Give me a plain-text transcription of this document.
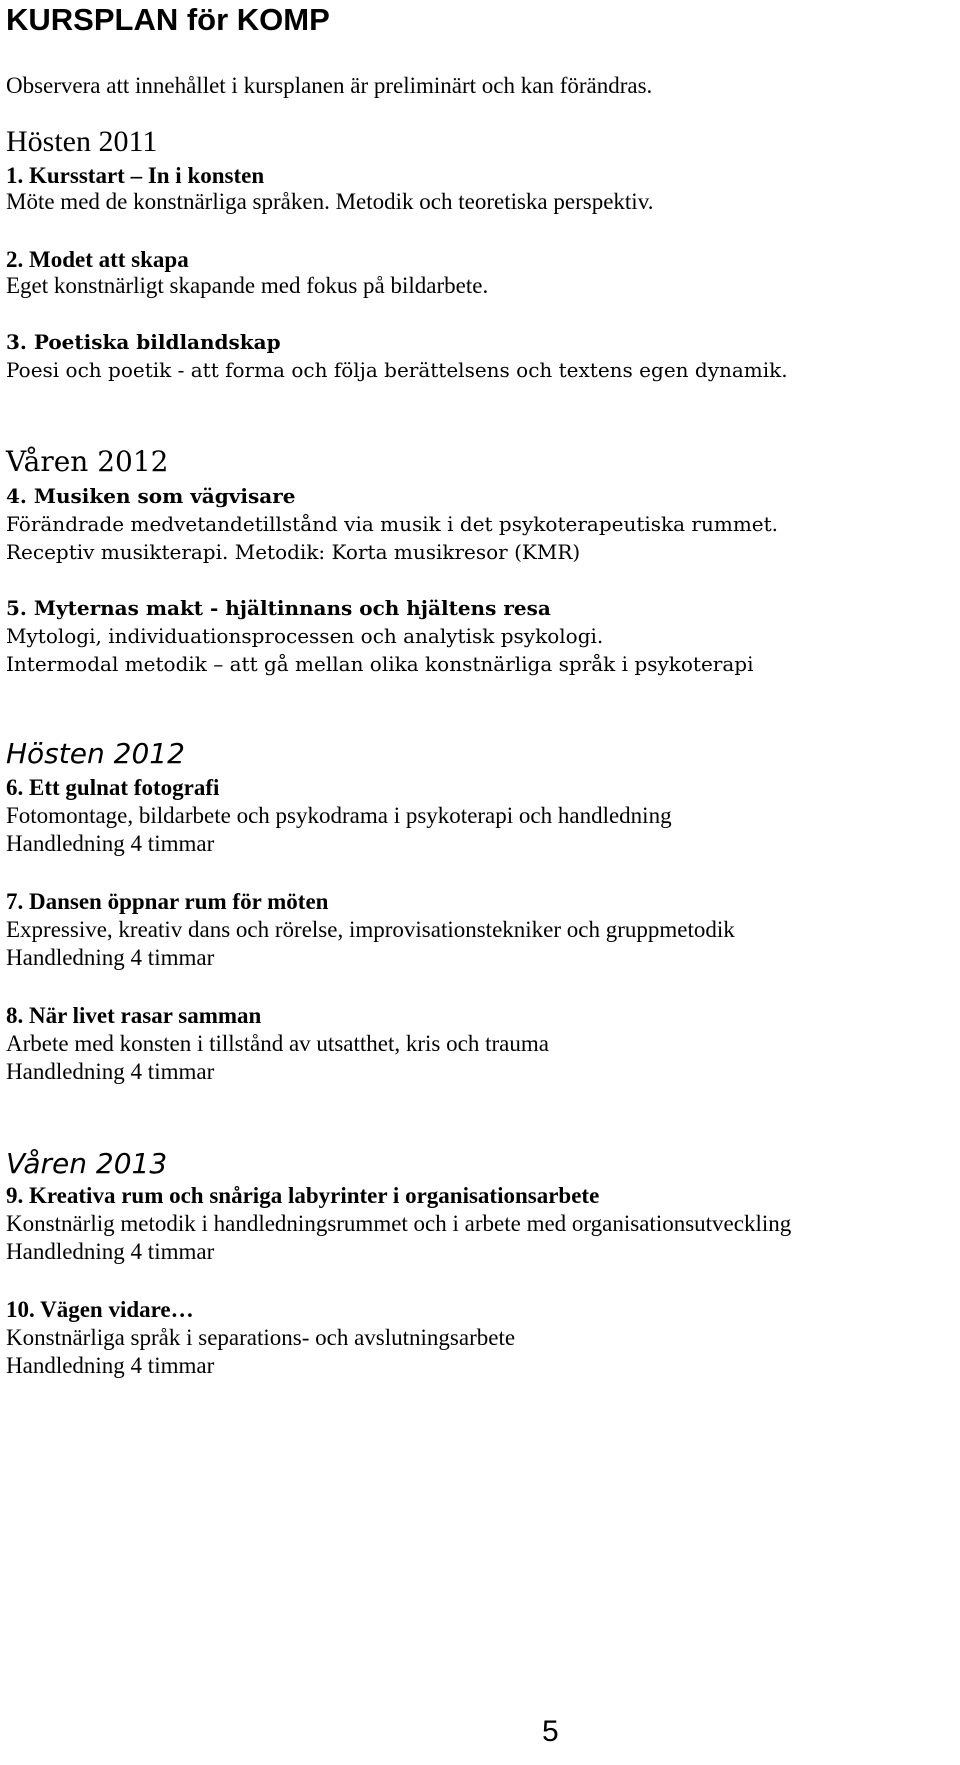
KURSPLAN för KOMP
Observera att innehållet i kursplanen är preliminärt och kan förändras.
Hösten 2011
1. Kursstart – In i konsten
Möte med de konstnärliga språken. Metodik och teoretiska perspektiv.
2. Modet att skapa
Eget konstnärligt skapande med fokus på bildarbete.
3. Poetiska bildlandskap
Poesi och poetik - att forma och följa berättelsens och textens egen dynamik.
Våren 2012
4. Musiken som vägvisare
Förändrade medvetandetillstånd via musik i det psykoterapeutiska rummet.
Receptiv musikterapi. Metodik: Korta musikresor (KMR)
5. Myternas makt - hjältinnans och hjältens resa
Mytologi, individuationsprocessen och analytisk psykologi.
Intermodal metodik – att gå mellan olika konstnärliga språk i psykoterapi
Hösten 2012
6. Ett gulnat fotografi
Fotomontage, bildarbete och psykodrama i psykoterapi och handledning
Handledning 4 timmar
7. Dansen öppnar rum för möten
Expressive, kreativ dans och rörelse, improvisationstekniker och gruppmetodik
Handledning 4 timmar
8. När livet rasar samman
Arbete med konsten i tillstånd av utsatthet, kris och trauma
Handledning 4 timmar
Våren 2013
9. Kreativa rum och snåriga labyrinter i organisationsarbete
Konstnärlig metodik i handledningsrummet och i arbete med organisationsutveckling
Handledning 4 timmar
10. Vägen vidare…
Konstnärliga språk i separations- och avslutningsarbete
Handledning 4 timmar
5
